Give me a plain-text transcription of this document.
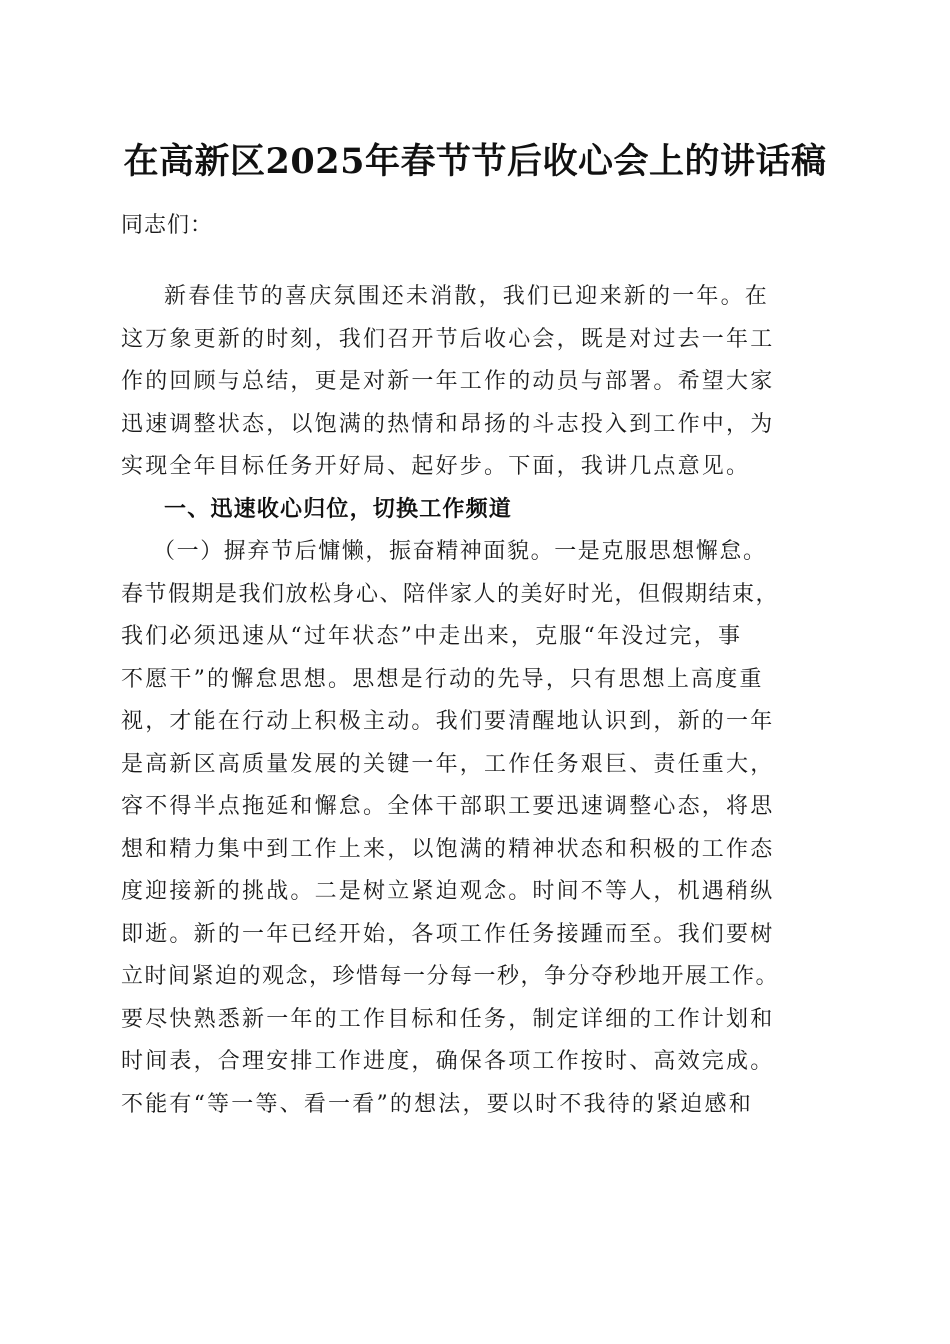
在高新区2025年春节节后收心会上的讲话稿
同志们：
新春佳节的喜庆氛围还未消散，我们已迎来新的一年。在
这万象更新的时刻，我们召开节后收心会，既是对过去一年工
作的回顾与总结，更是对新一年工作的动员与部署。希望大家
迅速调整状态，以饱满的热情和昂扬的斗志投入到工作中，为
实现全年目标任务开好局、起好步。下面，我讲几点意见。
一、迅速收心归位，切换工作频道
（一）摒弃节后慵懒，振奋精神面貌。一是克服思想懈怠。
春节假期是我们放松身心、陪伴家人的美好时光，但假期结束，
我们必须迅速从“过年状态”中走出来，克服“年没过完，事
不愿干”的懈怠思想。思想是行动的先导，只有思想上高度重
视，才能在行动上积极主动。我们要清醒地认识到，新的一年
是高新区高质量发展的关键一年，工作任务艰巨、责任重大，
容不得半点拖延和懈怠。全体干部职工要迅速调整心态，将思
想和精力集中到工作上来，以饱满的精神状态和积极的工作态
度迎接新的挑战。二是树立紧迫观念。时间不等人，机遇稍纵
即逝。新的一年已经开始，各项工作任务接踵而至。我们要树
立时间紧迫的观念，珍惜每一分每一秒，争分夺秒地开展工作。
要尽快熟悉新一年的工作目标和任务，制定详细的工作计划和
时间表，合理安排工作进度，确保各项工作按时、高效完成。
不能有“等一等、看一看”的想法，要以时不我待的紧迫感和
